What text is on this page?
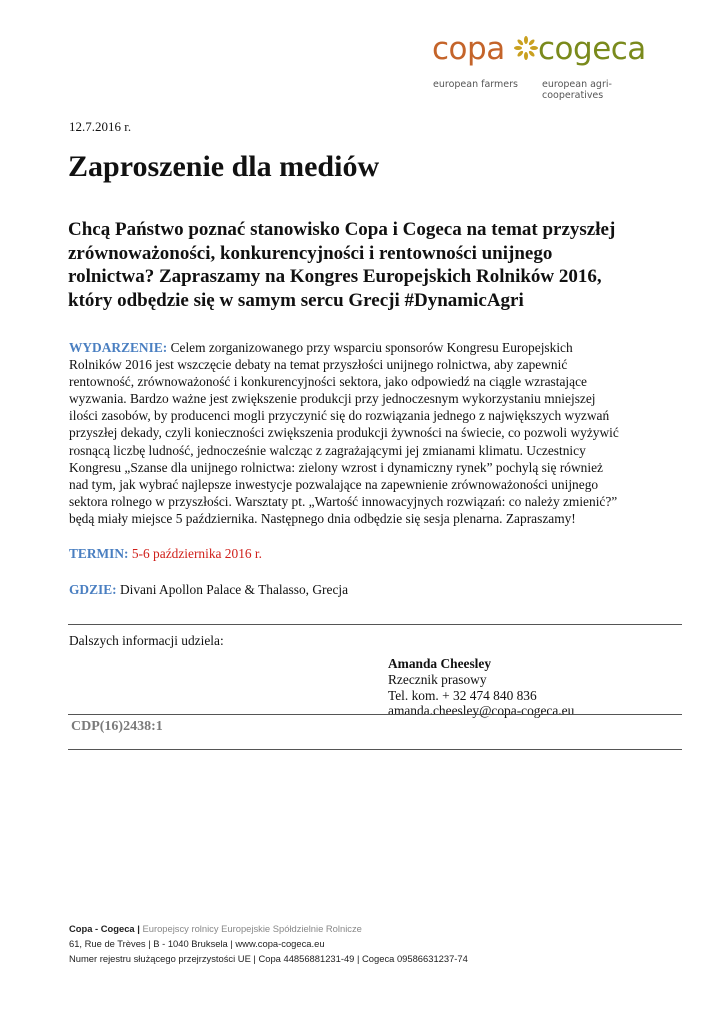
copa cogeca
european farmers	european agri-cooperatives
12.7.2016 r.
Zaproszenie dla mediów

Chcą Państwo poznać stanowisko Copa i Cogeca na temat przyszłej zrównoważoności, konkurencyjności i rentowności unijnego rolnictwa? Zapraszamy na Kongres Europejskich Rolników 2016, który odbędzie się w samym sercu Grecji #DynamicAgri

WYDARZENIE: Celem zorganizowanego przy wsparciu sponsorów Kongresu Europejskich Rolników 2016 jest wszczęcie debaty na temat przyszłości unijnego rolnictwa, aby zapewnić rentowność, zrównoważoność i konkurencyjności sektora, jako odpowiedź na ciągle wzrastające wyzwania. Bardzo ważne jest zwiększenie produkcji przy jednoczesnym wykorzystaniu mniejszej ilości zasobów, by producenci mogli przyczynić się do rozwiązania jednego z największych wyzwań przyszłej dekady, czyli konieczności zwiększenia produkcji żywności na świecie, co pozwoli wyżywić rosnącą liczbę ludność, jednocześnie walcząc z zagrażającymi jej zmianami klimatu. Uczestnicy Kongresu „Szanse dla unijnego rolnictwa: zielony wzrost i dynamiczny rynek” pochylą się również nad tym, jak wybrać najlepsze inwestycje pozwalające na zapewnienie zrównoważoności unijnego sektora rolnego w przyszłości. Warsztaty pt. „Wartość innowacyjnych rozwiązań: co należy zmienić?” będą miały miejsce 5 października. Następnego dnia odbędzie się sesja plenarna. Zapraszamy!

TERMIN: 5-6 października 2016 r.
GDZIE: Divani Apollon Palace & Thalasso, Grecja
Dalszych informacji udziela:
Amanda Cheesley
Rzecznik prasowy
Tel. kom. + 32 474 840 836
amanda.cheesley@copa-cogeca.eu
CDP(16)2438:1
Copa - Cogeca | Europejscy rolnicy Europejskie Spółdzielnie Rolnicze
61, Rue de Trèves | B - 1040 Bruksela | www.copa-cogeca.eu
Numer rejestru służącego przejrzystości UE | Copa 44856881231-49 | Cogeca 09586631237-74
